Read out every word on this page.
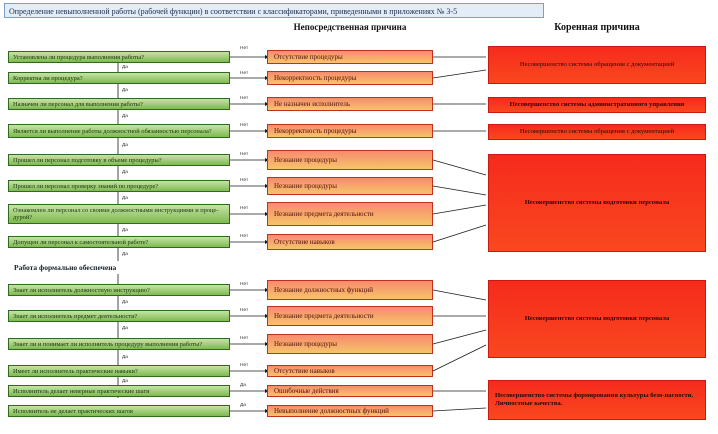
Определение невыполненной работы (рабочей функции) в соответствии с классификаторами, приведенными в приложениях № 3-5
Непосредственная причина	Коренная причина
Установлена ли процедура выполнения работы?
Корректна ли процедура?
Назначен ли персонал для выполнения работы?
Является ли выполнение работы должностной обязанностью персонала?
Прошел ли персонал подготовку в объеме процедуры?
Прошел ли персонал проверку знаний по процедуре?
Ознакомлен ли персонал со своими должностными инструкциями и проце-дурой?
Допущен ли персонал к самостоятельной работе?
Работа формально обеспечена
Знает ли исполнитель должностную инструкцию?
Знает ли исполнитель предмет деятельности?
Знает ли и понимает ли исполнитель процедуру выполнения работы?
Имеет ли исполнитель практические навыки?
Исполнитель делает неверные практические шаги
Исполнитель не делает практических шагов
Нет
Да
Нет
Да
Нет
Да
Нет
Да
Нет
Да
Нет
Да
Нет
Да
Нет
Да
Нет
Да
Нет
Да
Нет
Да
Нет
Да
Да
Да
Отсутствие процедуры
Некорректность процедуры
Не назначен исполнитель
Некорректность процедуры
Незнание процедуры
Незнание процедуры
Незнание предмета деятельности
Отсутствие навыков
Незнание должностных функций
Незнание предмета деятельности
Незнание процедуры
Отсутствие навыков
Ошибочные действия
Невыполнение должностных функций
Несовершенство системы обращения с документацией
Несовершенство системы административного управления
Несовершенство системы обращения с документацией
Несовершенство системы подготовки персонала
Несовершенство системы подготовки персонала
Несовершенство системы формирования культуры безо-пасности.
Личностные качества.
